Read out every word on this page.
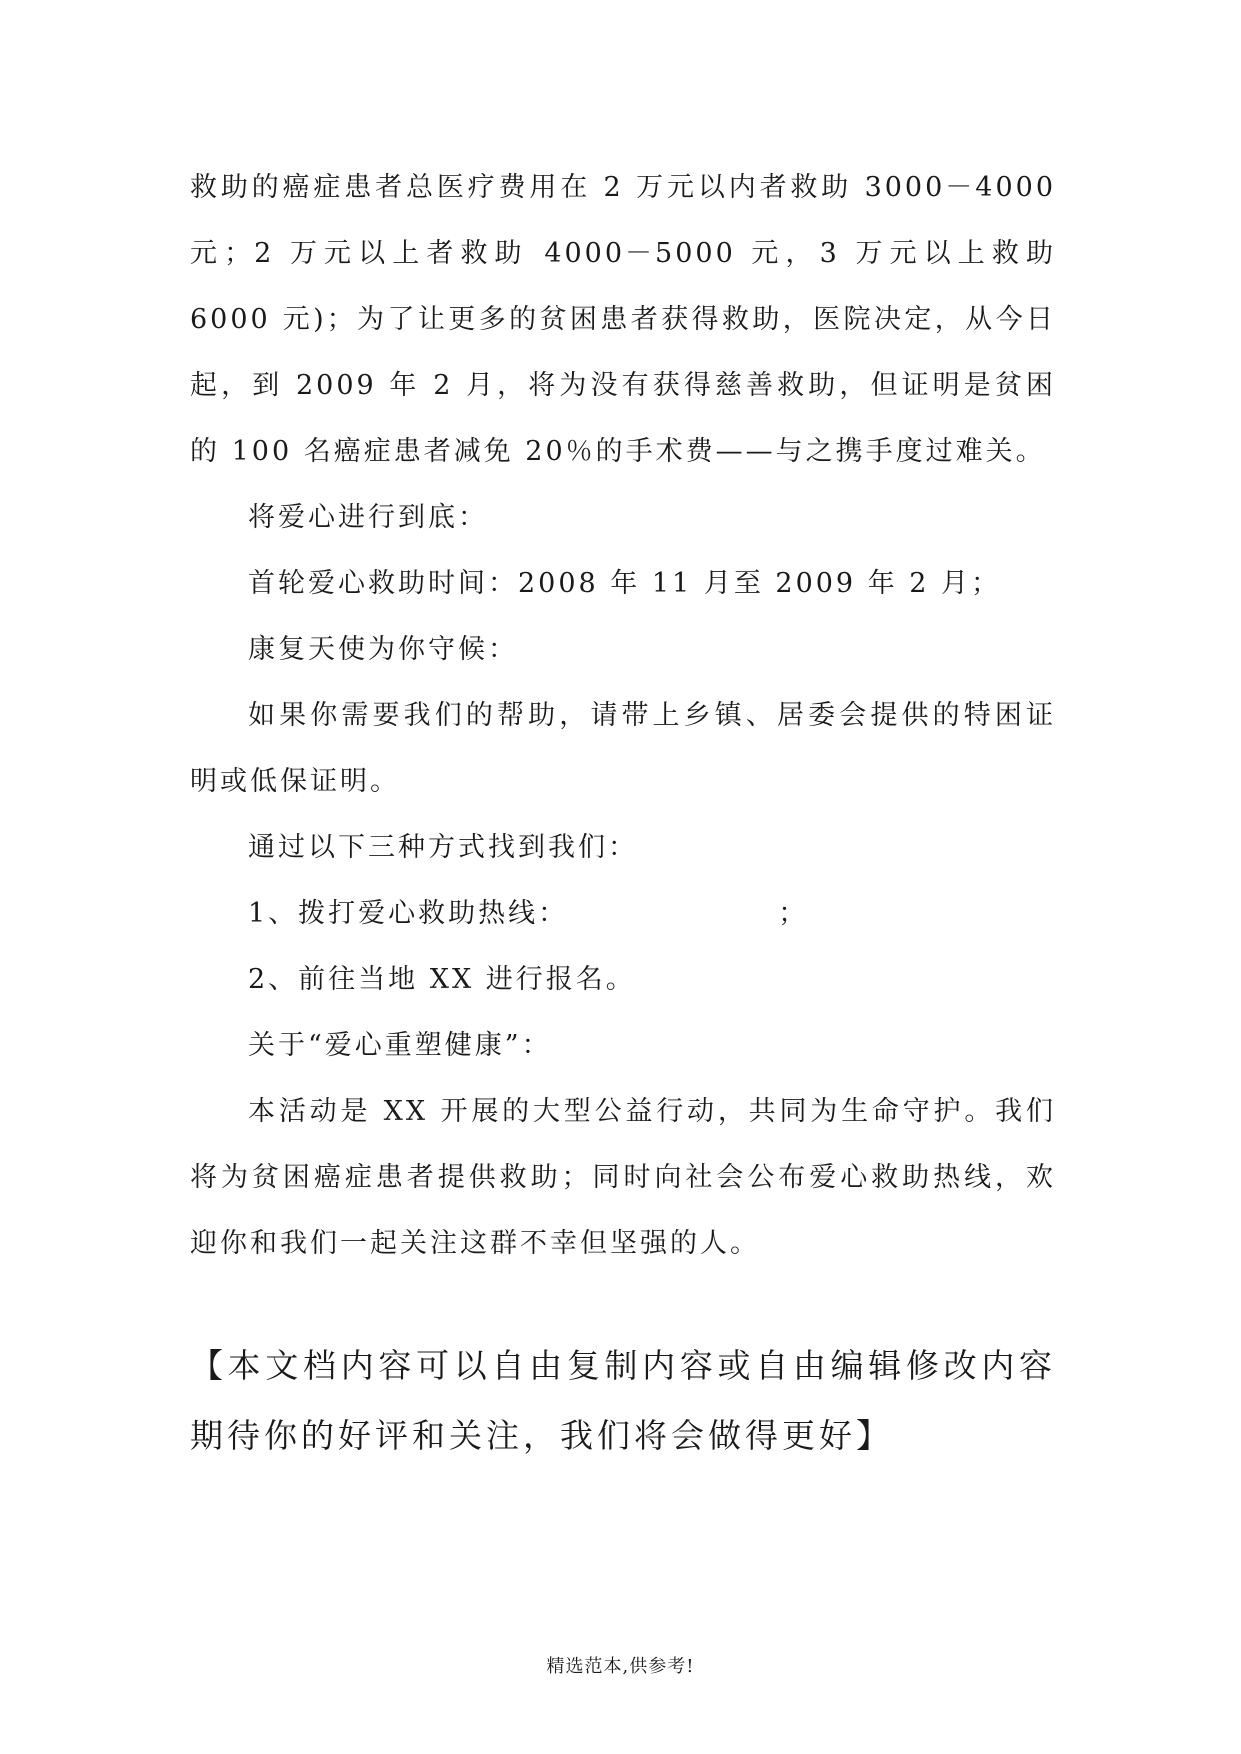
救助的癌症患者总医疗费用在 2 万元以内者救助 3000－4000 元；2 万元以上者救助 4000－5000 元，3 万元以上救助 6000 元)；为了让更多的贫困患者获得救助，医院决定，从今日起，到 2009 年 2 月，将为没有获得慈善救助，但证明是贫困的 100 名癌症患者减免 20％的手术费——与之携手度过难关。

将爱心进行到底：

首轮爱心救助时间：2008 年 11 月至 2009 年 2 月；

康复天使为你守候：

如果你需要我们的帮助，请带上乡镇、居委会提供的特困证明或低保证明。

通过以下三种方式找到我们：

1、拨打爱心救助热线：	；

2、前往当地 XX 进行报名。

关于“爱心重塑健康”：

本活动是 XX 开展的大型公益行动，共同为生命守护。我们将为贫困癌症患者提供救助；同时向社会公布爱心救助热线，欢迎你和我们一起关注这群不幸但坚强的人。

【本文档内容可以自由复制内容或自由编辑修改内容期待你的好评和关注，我们将会做得更好】

精选范本,供参考!
